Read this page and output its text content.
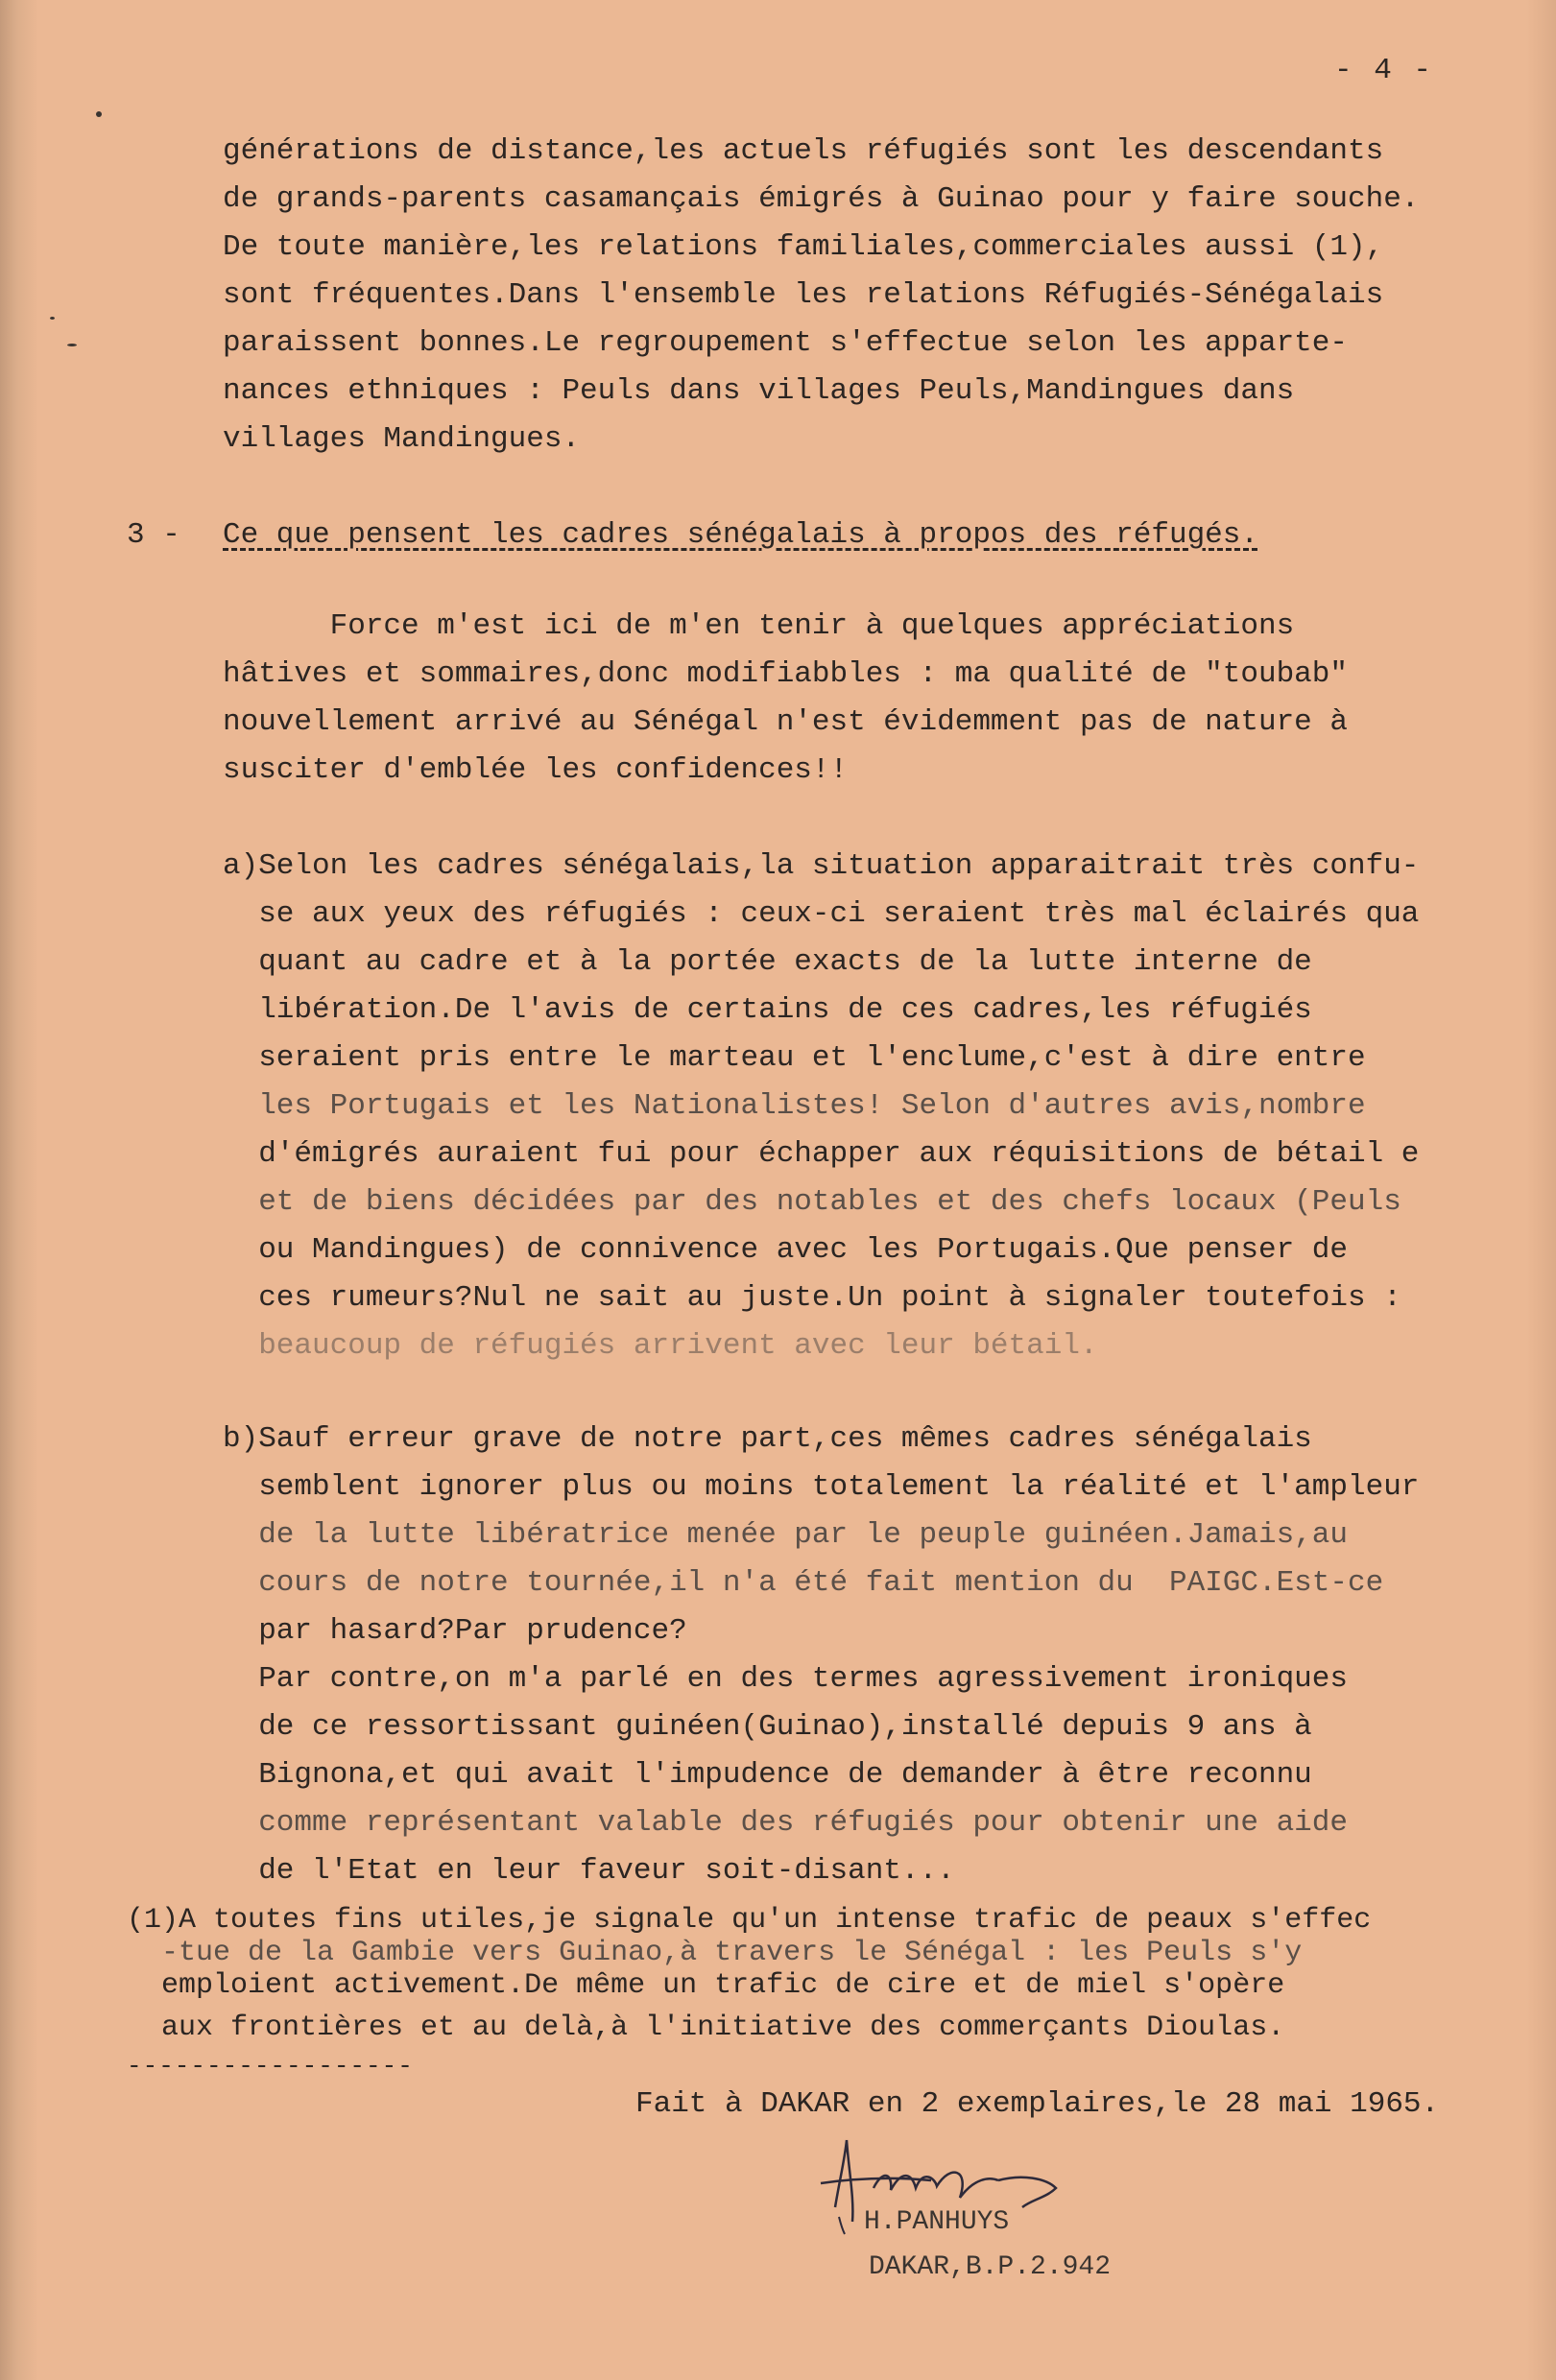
- 4 -
générations de distance,les actuels réfugiés sont les descendants
de grands-parents casamançais émigrés à Guinao pour y faire souche.
De toute manière,les relations familiales,commerciales aussi (1),
sont fréquentes.Dans l'ensemble les relations Réfugiés-Sénégalais
paraissent bonnes.Le regroupement s'effectue selon les apparte-
nances ethniques : Peuls dans villages Peuls,Mandingues dans
villages Mandingues.
3 - Ce que pensent les cadres sénégalais à propos des réfugés.
Force m'est ici de m'en tenir à quelques appréciations
hâtives et sommaires,donc modifiabbles : ma qualité de "toubab"
nouvellement arrivé au Sénégal n'est évidemment pas de nature à
susciter d'emblée les confidences!!
a)Selon les cadres sénégalais,la situation apparaitrait très confu-
se aux yeux des réfugiés : ceux-ci seraient très mal éclairés qua
quant au cadre et à la portée exacts de la lutte interne de
libération.De l'avis de certains de ces cadres,les réfugiés
seraient pris entre le marteau et l'enclume,c'est à dire entre
les Portugais et les Nationalistes! Selon d'autres avis,nombre
d'émigrés auraient fui pour échapper aux réquisitions de bétail e
et de biens décidées par des notables et des chefs locaux (Peuls
ou Mandingues) de connivence avec les Portugais.Que penser de
ces rumeurs?Nul ne sait au juste.Un point à signaler toutefois :
beaucoup de réfugiés arrivent avec leur bétail.
b)Sauf erreur grave de notre part,ces mêmes cadres sénégalais
semblent ignorer plus ou moins totalement la réalité et l'ampleur
de la lutte libératrice menée par le peuple guinéen.Jamais,au
cours de notre tournée,il n'a été fait mention du  PAIGC.Est-ce
par hasard?Par prudence?
Par contre,on m'a parlé en des termes agressivement ironiques
de ce ressortissant guinéen(Guinao),installé depuis 9 ans à
Bignona,et qui avait l'impudence de demander à être reconnu
comme représentant valable des réfugiés pour obtenir une aide
de l'Etat en leur faveur soit-disant...
(1)A toutes fins utiles,je signale qu'un intense trafic de peaux s'effec
-tue de la Gambie vers Guinao,à travers le Sénégal : les Peuls s'y
emploient activement.De même un trafic de cire et de miel s'opère
aux frontières et au delà,à l'initiative des commerçants Dioulas.
------------------
Fait à DAKAR en 2 exemplaires,le 28 mai 1965.
H.PANHUYS
DAKAR,B.P.2.942
